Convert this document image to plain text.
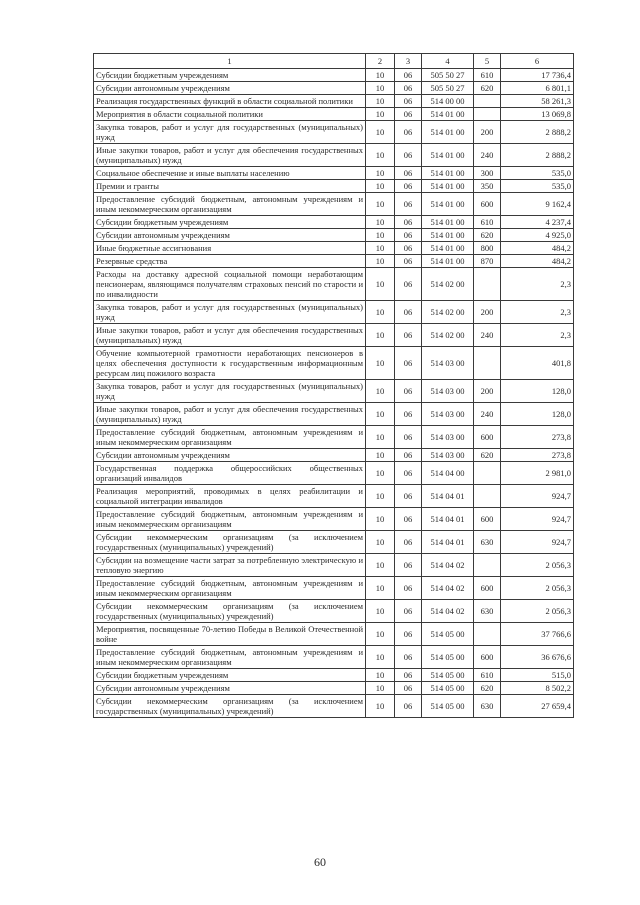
1	2	3	4	5	6
Субсидии бюджетным учреждениям	10	06	505 50 27	610	17 736,4
Субсидии автономным учреждениям	10	06	505 50 27	620	6 801,1
Реализация государственных функций в области социальной политики	10	06	514 00 00		58 261,3
Мероприятия в области социальной политики	10	06	514 01 00		13 069,8
Закупка товаров, работ и услуг для государственных (муниципальных) нужд	10	06	514 01 00	200	2 888,2
Иные закупки товаров, работ и услуг для обеспечения государственных (муниципальных) нужд	10	06	514 01 00	240	2 888,2
Социальное обеспечение и иные выплаты населению	10	06	514 01 00	300	535,0
Премии и гранты	10	06	514 01 00	350	535,0
Предоставление субсидий бюджетным, автономным учреждениям и иным некоммерческим организациям	10	06	514 01 00	600	9 162,4
Субсидии бюджетным учреждениям	10	06	514 01 00	610	4 237,4
Субсидии автономным учреждениям	10	06	514 01 00	620	4 925,0
Иные бюджетные ассигнования	10	06	514 01 00	800	484,2
Резервные средства	10	06	514 01 00	870	484,2
Расходы на доставку адресной социальной помощи неработающим пенсионерам, являющимся получателям страховых пенсий по старости и по инвалидности	10	06	514 02 00		2,3
Закупка товаров, работ и услуг для государственных (муниципальных) нужд	10	06	514 02 00	200	2,3
Иные закупки товаров, работ и услуг для обеспечения государственных (муниципальных) нужд	10	06	514 02 00	240	2,3
Обучение компьютерной грамотности неработающих пенсионеров в целях обеспечения доступности к государственным информационным ресурсам лиц пожилого возраста	10	06	514 03 00		401,8
Закупка товаров, работ и услуг для государственных (муниципальных) нужд	10	06	514 03 00	200	128,0
Иные закупки товаров, работ и услуг для обеспечения государственных (муниципальных) нужд	10	06	514 03 00	240	128,0
Предоставление субсидий бюджетным, автономным учреждениям и иным некоммерческим организациям	10	06	514 03 00	600	273,8
Субсидии автономным учреждениям	10	06	514 03 00	620	273,8
Государственная поддержка общероссийских общественных организаций инвалидов	10	06	514 04 00		2 981,0
Реализация мероприятий, проводимых в целях реабилитации и социальной интеграции инвалидов	10	06	514 04 01		924,7
Предоставление субсидий бюджетным, автономным учреждениям и иным некоммерческим организациям	10	06	514 04 01	600	924,7
Субсидии некоммерческим организациям (за исключением государственных (муниципальных) учреждений)	10	06	514 04 01	630	924,7
Субсидии на возмещение части затрат за потребленную электрическую и тепловую энергию	10	06	514 04 02		2 056,3
Предоставление субсидий бюджетным, автономным учреждениям и иным некоммерческим организациям	10	06	514 04 02	600	2 056,3
Субсидии некоммерческим организациям (за исключением государственных (муниципальных) учреждений)	10	06	514 04 02	630	2 056,3
Мероприятия, посвященные 70-летию Победы в Великой Отечественной войне	10	06	514 05 00		37 766,6
Предоставление субсидий бюджетным, автономным учреждениям и иным некоммерческим организациям	10	06	514 05 00	600	36 676,6
Субсидии бюджетным учреждениям	10	06	514 05 00	610	515,0
Субсидии автономным учреждениям	10	06	514 05 00	620	8 502,2
Субсидии некоммерческим организациям (за исключением государственных (муниципальных) учреждений)	10	06	514 05 00	630	27 659,4
60
